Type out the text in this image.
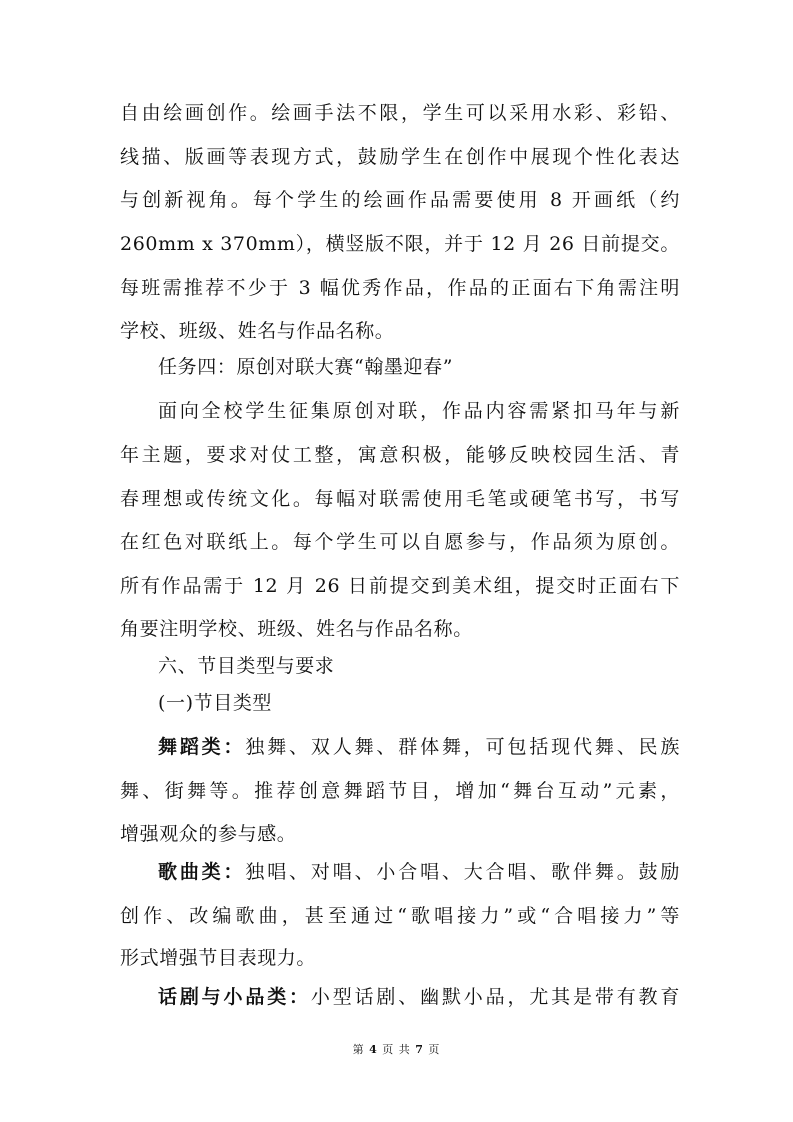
自由绘画创作。绘画手法不限，学生可以采用水彩、彩铅、
线描、版画等表现方式，鼓励学生在创作中展现个性化表达
与创新视角。每个学生的绘画作品需要使用 8 开画纸（约
260mm x 370mm），横竖版不限，并于 12 月 26 日前提交。
每班需推荐不少于 3 幅优秀作品，作品的正面右下角需注明
学校、班级、姓名与作品名称。
任务四：原创对联大赛“翰墨迎春”
面向全校学生征集原创对联，作品内容需紧扣马年与新
年主题，要求对仗工整，寓意积极，能够反映校园生活、青
春理想或传统文化。每幅对联需使用毛笔或硬笔书写，书写
在红色对联纸上。每个学生可以自愿参与，作品须为原创。
所有作品需于 12 月 26 日前提交到美术组，提交时正面右下
角要注明学校、班级、姓名与作品名称。
六、节目类型与要求
(一)节目类型
舞蹈类：独舞、双人舞、群体舞，可包括现代舞、民族
舞、街舞等。推荐创意舞蹈节目，增加“舞台互动”元素，
增强观众的参与感。
歌曲类：独唱、对唱、小合唱、大合唱、歌伴舞。鼓励
创作、改编歌曲，甚至通过“歌唱接力”或“合唱接力”等
形式增强节目表现力。
话剧与小品类：小型话剧、幽默小品，尤其是带有教育
第 4 页 共 7 页
